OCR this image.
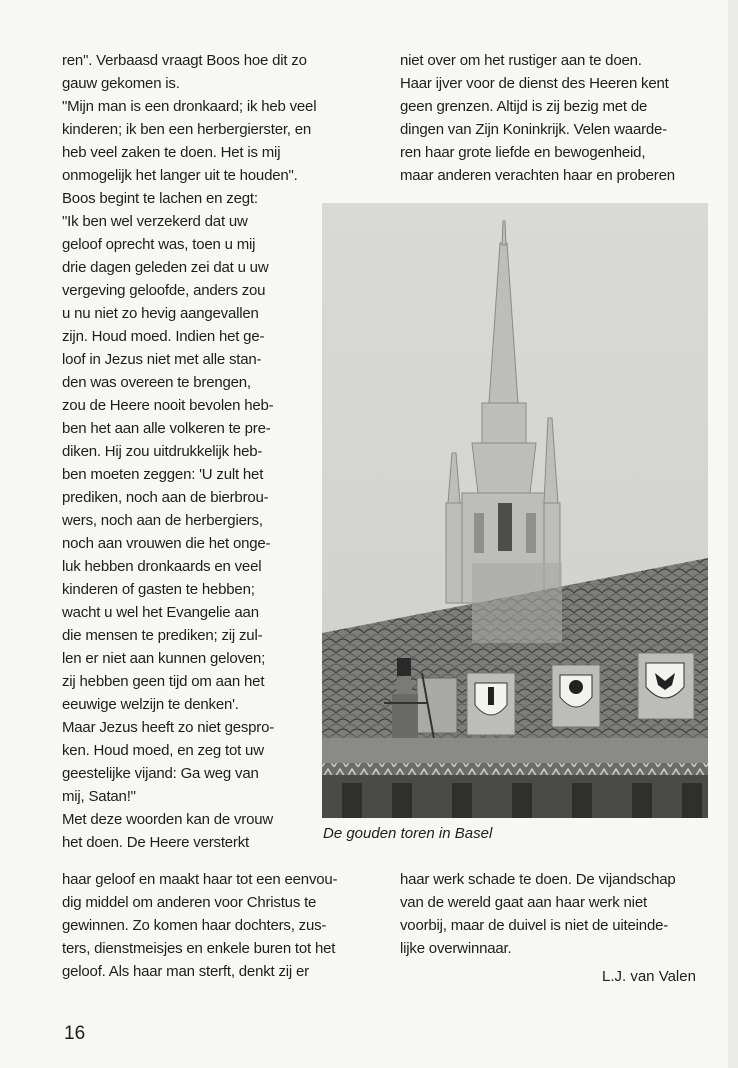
ren". Verbaasd vraagt Boos hoe dit zo
gauw gekomen is.
"Mijn man is een dronkaard; ik heb veel
kinderen; ik ben een herbergierster, en
heb veel zaken te doen. Het is mij
onmogelijk het langer uit te houden".
Boos begint te lachen en zegt:
"Ik ben wel verzekerd dat uw
geloof oprecht was, toen u mij
drie dagen geleden zei dat u uw
vergeving geloofde, anders zou
u nu niet zo hevig aangevallen
zijn. Houd moed. Indien het ge-
loof in Jezus niet met alle stan-
den was overeen te brengen,
zou de Heere nooit bevolen heb-
ben het aan alle volkeren te pre-
diken. Hij zou uitdrukkelijk heb-
ben moeten zeggen: 'U zult het
prediken, noch aan de bierbrou-
wers, noch aan de herbergiers,
noch aan vrouwen die het onge-
luk hebben dronkaards en veel
kinderen of gasten te hebben;
wacht u wel het Evangelie aan
die mensen te prediken; zij zul-
len er niet aan kunnen geloven;
zij hebben geen tijd om aan het
eeuwige welzijn te denken'.
Maar Jezus heeft zo niet gespro-
ken. Houd moed, en zeg tot uw
geestelijke vijand: Ga weg van
mij, Satan!"
Met deze woorden kan de vrouw
het doen. De Heere versterkt
niet over om het rustiger aan te doen.
Haar ijver voor de dienst des Heeren kent
geen grenzen. Altijd is zij bezig met de
dingen van Zijn Koninkrijk. Velen waarde-
ren haar grote liefde en bewogenheid,
maar anderen verachten haar en proberen
De gouden toren in Basel
haar geloof en maakt haar tot een eenvou-
dig middel om anderen voor Christus te
gewinnen. Zo komen haar dochters, zus-
ters, dienstmeisjes en enkele buren tot het
geloof. Als haar man sterft, denkt zij er
haar werk schade te doen. De vijandschap
van de wereld gaat aan haar werk niet
voorbij, maar de duivel is niet de uiteinde-
lijke overwinnaar.
L.J. van Valen
16
